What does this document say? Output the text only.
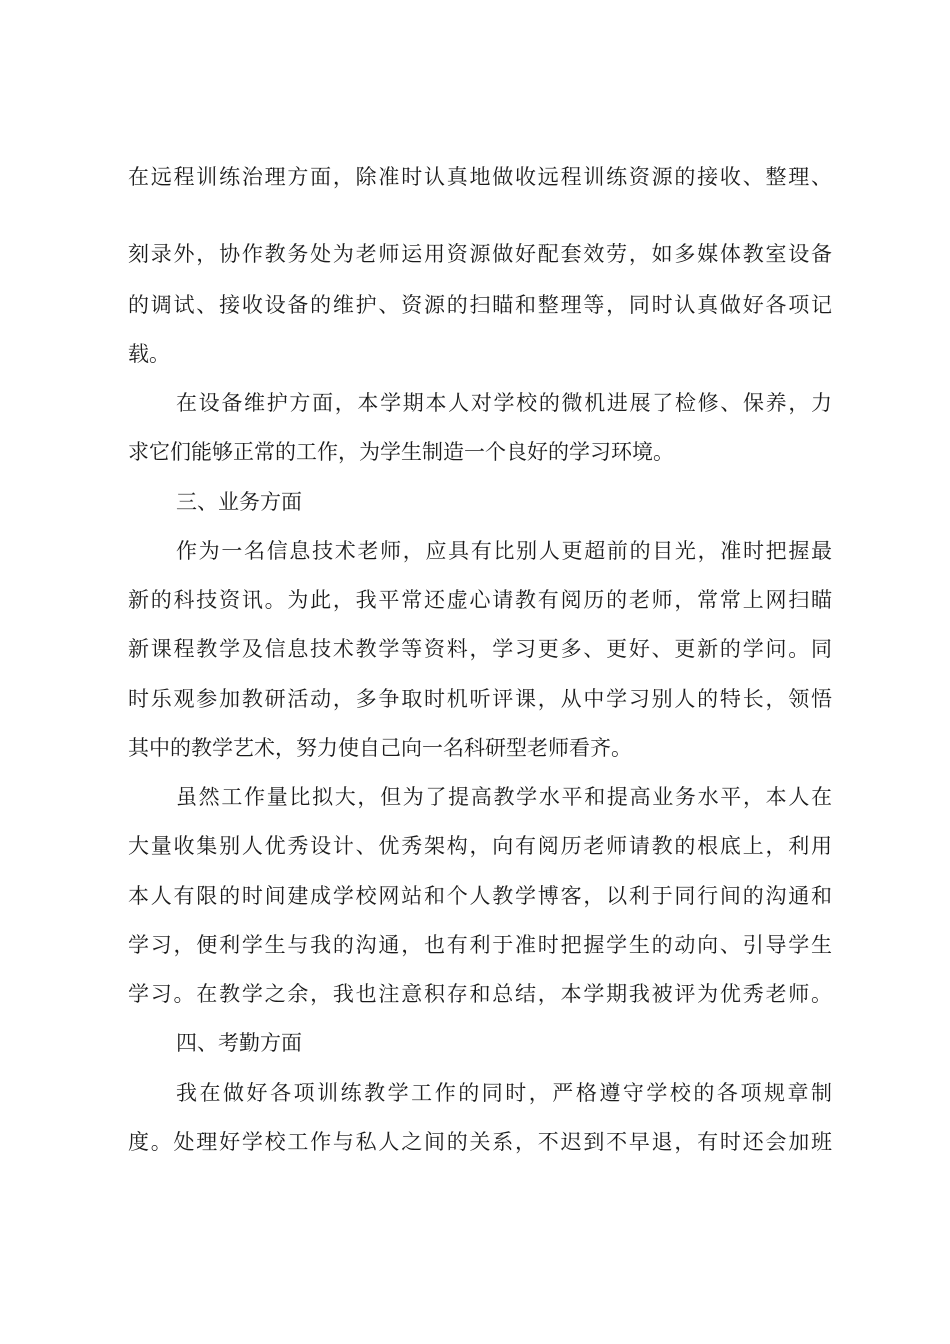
在远程训练治理方面，除准时认真地做收远程训练资源的接收、整理、
刻录外，协作教务处为老师运用资源做好配套效劳，如多媒体教室设备
的调试、接收设备的维护、资源的扫瞄和整理等，同时认真做好各项记
载。
在设备维护方面，本学期本人对学校的微机进展了检修、保养，力
求它们能够正常的工作，为学生制造一个良好的学习环境。
三、业务方面
作为一名信息技术老师，应具有比别人更超前的目光，准时把握最
新的科技资讯。为此，我平常还虚心请教有阅历的老师，常常上网扫瞄
新课程教学及信息技术教学等资料，学习更多、更好、更新的学问。同
时乐观参加教研活动，多争取时机听评课，从中学习别人的特长，领悟
其中的教学艺术，努力使自己向一名科研型老师看齐。
虽然工作量比拟大，但为了提高教学水平和提高业务水平，本人在
大量收集别人优秀设计、优秀架构，向有阅历老师请教的根底上，利用
本人有限的时间建成学校网站和个人教学博客，以利于同行间的沟通和
学习，便利学生与我的沟通，也有利于准时把握学生的动向、引导学生
学习。在教学之余，我也注意积存和总结，本学期我被评为优秀老师。
四、考勤方面
我在做好各项训练教学工作的同时，严格遵守学校的各项规章制
度。处理好学校工作与私人之间的关系，不迟到不早退，有时还会加班
